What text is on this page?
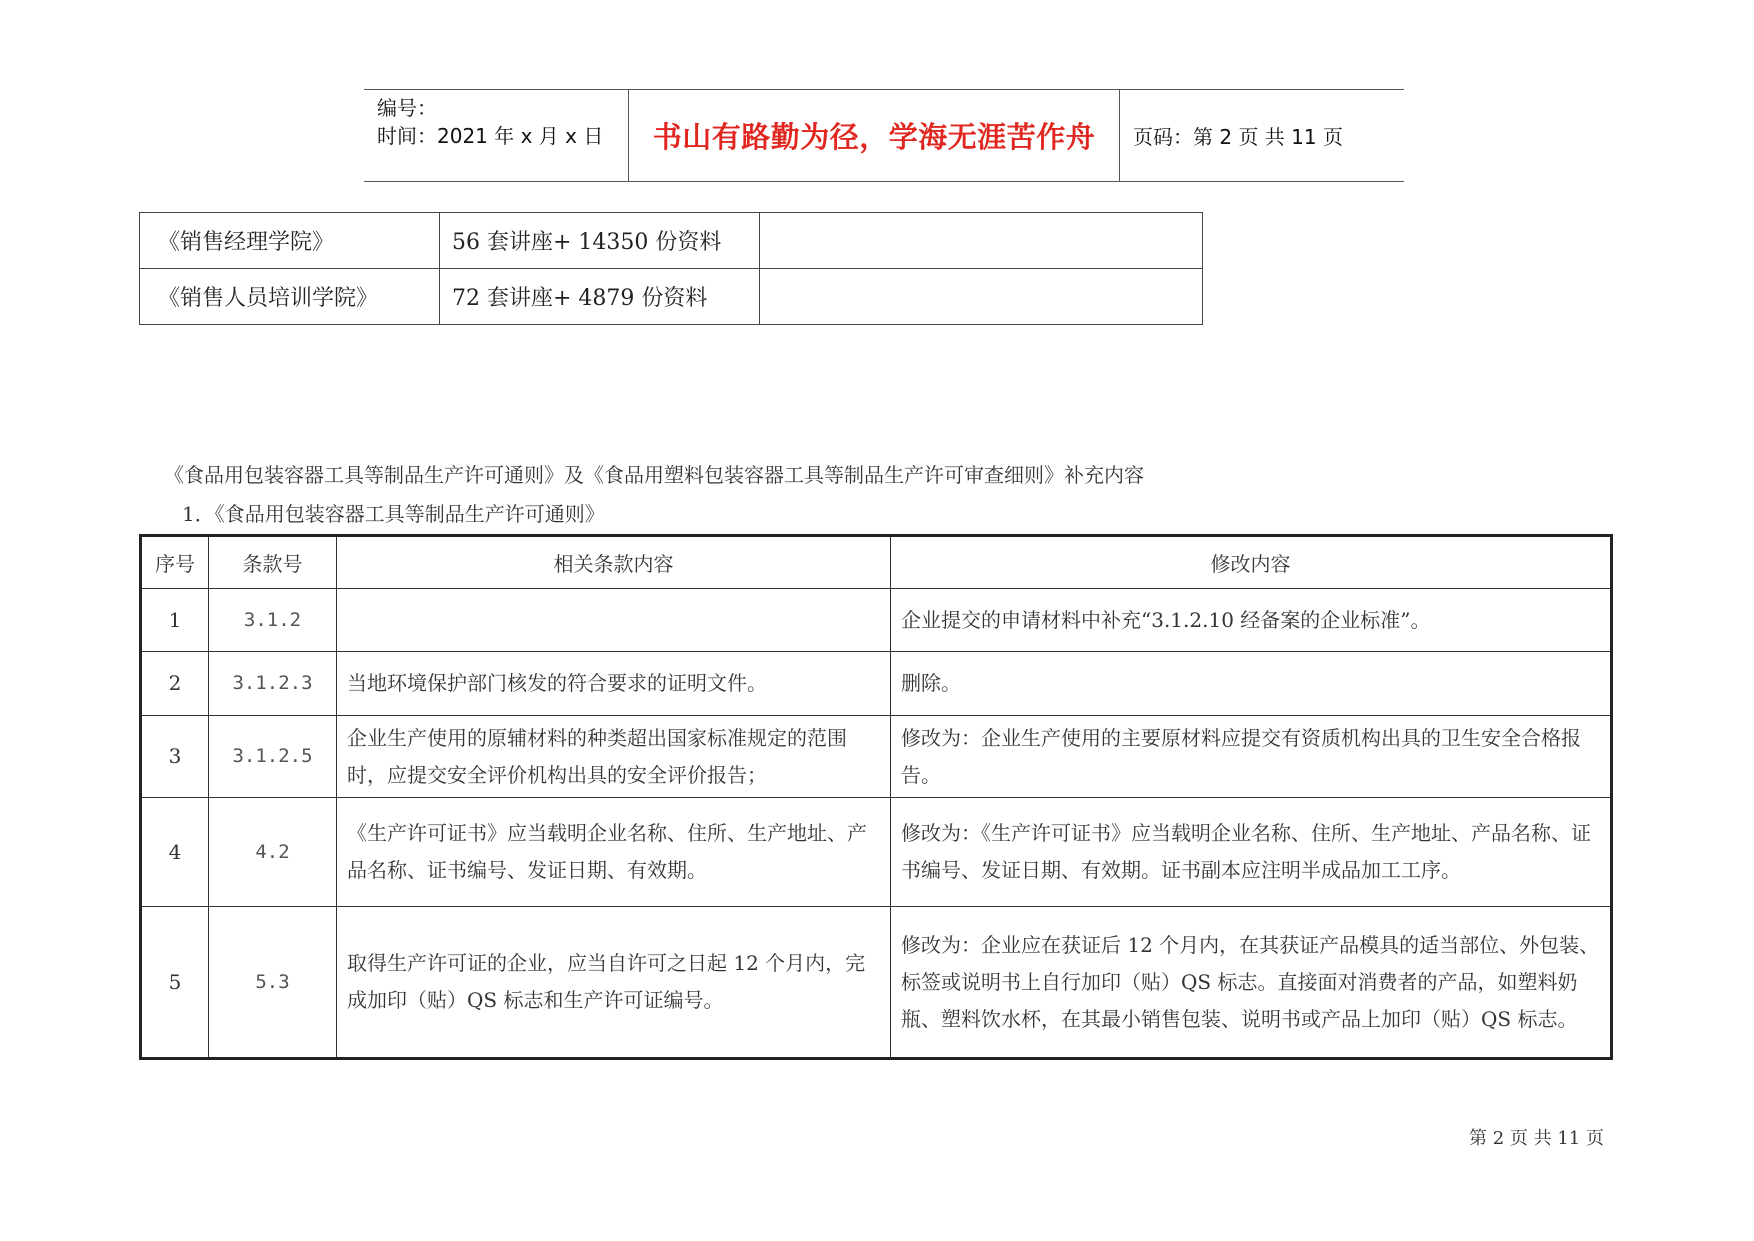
编号：
时间：2021 年 x 月 x 日	书山有路勤为径，学海无涯苦作舟	页码：第 2 页 共 11 页
《销售经理学院》	56 套讲座+ 14350 份资料	
《销售人员培训学院》	72 套讲座+ 4879 份资料	
《食品用包装容器工具等制品生产许可通则》及《食品用塑料包装容器工具等制品生产许可审查细则》补充内容
1．《食品用包装容器工具等制品生产许可通则》
序号	条款号	相关条款内容	修改内容
1	3.1.2		企业提交的申请材料中补充“3.1.2.10 经备案的企业标准”。
2	3.1.2.3	当地环境保护部门核发的符合要求的证明文件。	删除。
3	3.1.2.5	企业生产使用的原辅材料的种类超出国家标准规定的范围时，应提交安全评价机构出具的安全评价报告；	修改为：企业生产使用的主要原材料应提交有资质机构出具的卫生安全合格报告。
4	4.2	《生产许可证书》应当载明企业名称、住所、生产地址、产品名称、证书编号、发证日期、有效期。	修改为：《生产许可证书》应当载明企业名称、住所、生产地址、产品名称、证书编号、发证日期、有效期。证书副本应注明半成品加工工序。
5	5.3	取得生产许可证的企业，应当自许可之日起 12 个月内，完成加印（贴）QS 标志和生产许可证编号。	修改为：企业应在获证后 12 个月内，在其获证产品模具的适当部位、外包装、标签或说明书上自行加印（贴）QS 标志。直接面对消费者的产品，如塑料奶瓶、塑料饮水杯，在其最小销售包装、说明书或产品上加印（贴）QS 标志。
第 2 页 共 11 页
